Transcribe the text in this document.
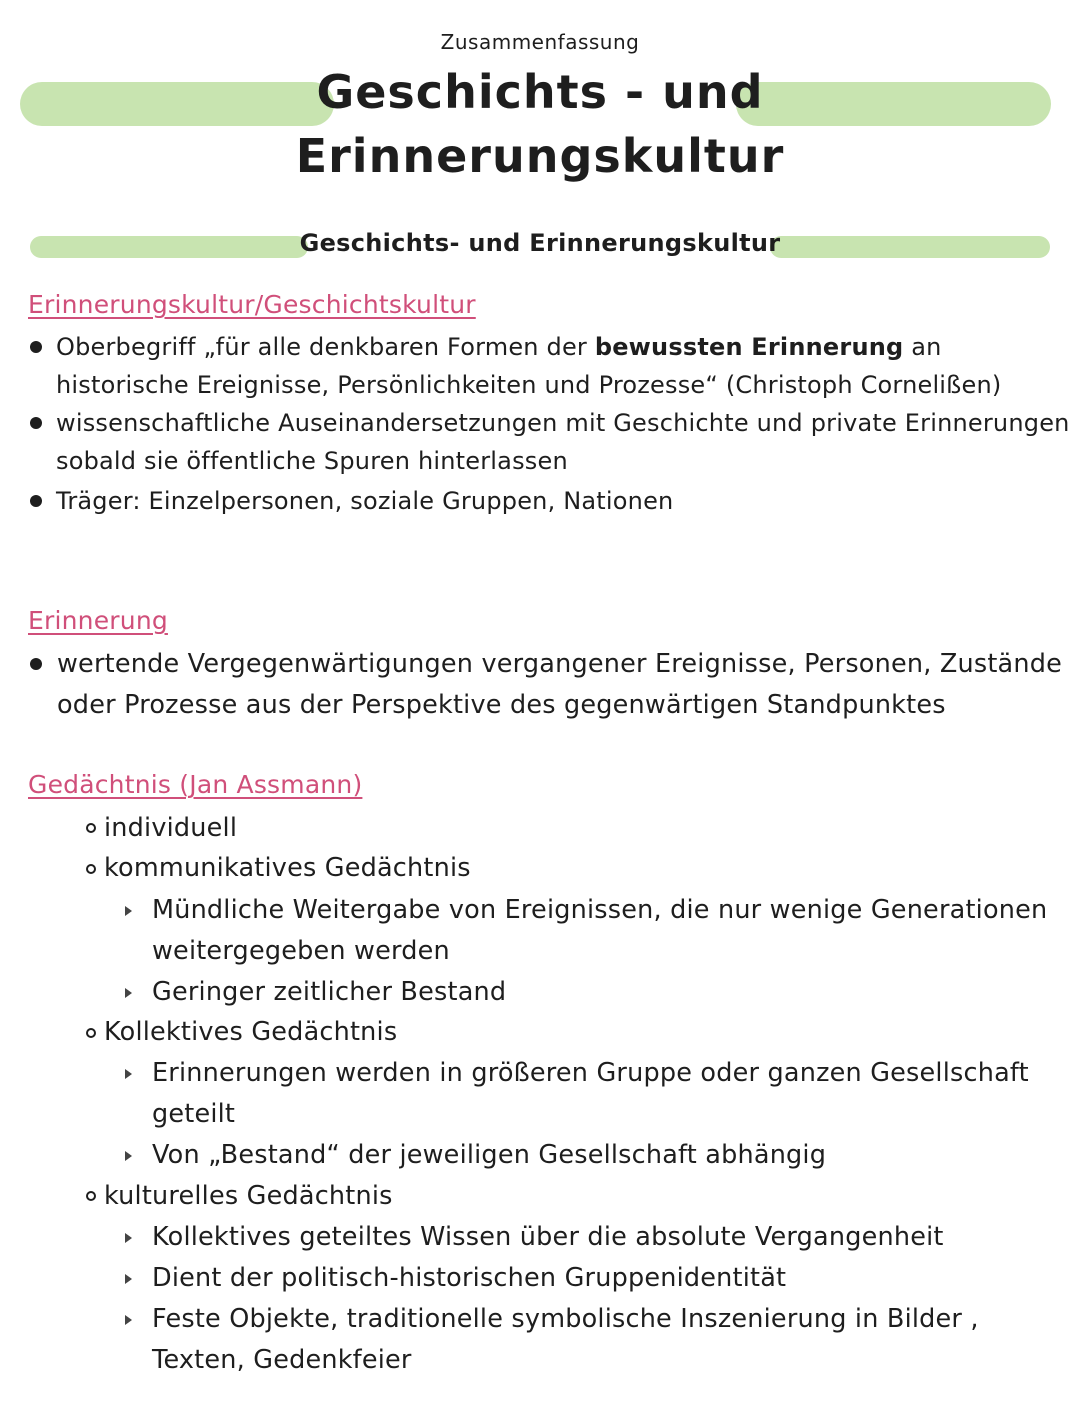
Zusammenfassung
Geschichts - und
Erinnerungskultur
Geschichts- und Erinnerungskultur
Erinnerungskultur/Geschichtskultur
Oberbegriff „für alle denkbaren Formen der bewussten Erinnerung an
historische Ereignisse, Persönlichkeiten und Prozesse“ (Christoph Cornelißen)
wissenschaftliche Auseinandersetzungen mit Geschichte und private Erinnerungen
sobald sie öffentliche Spuren hinterlassen
Träger: Einzelpersonen, soziale Gruppen, Nationen
Erinnerung
wertende Vergegenwärtigungen vergangener Ereignisse, Personen, Zustände
oder Prozesse aus der Perspektive des gegenwärtigen Standpunktes
Gedächtnis (Jan Assmann)
individuell
kommunikatives Gedächtnis
Mündliche Weitergabe von Ereignissen, die nur wenige Generationen
weitergegeben werden
Geringer zeitlicher Bestand
Kollektives Gedächtnis
Erinnerungen werden in größeren Gruppe oder ganzen Gesellschaft
geteilt
Von „Bestand“ der jeweiligen Gesellschaft abhängig
kulturelles Gedächtnis
Kollektives geteiltes Wissen über die absolute Vergangenheit
Dient der politisch-historischen Gruppenidentität
Feste Objekte, traditionelle symbolische Inszenierung in Bilder ,
Texten, Gedenkfeier
